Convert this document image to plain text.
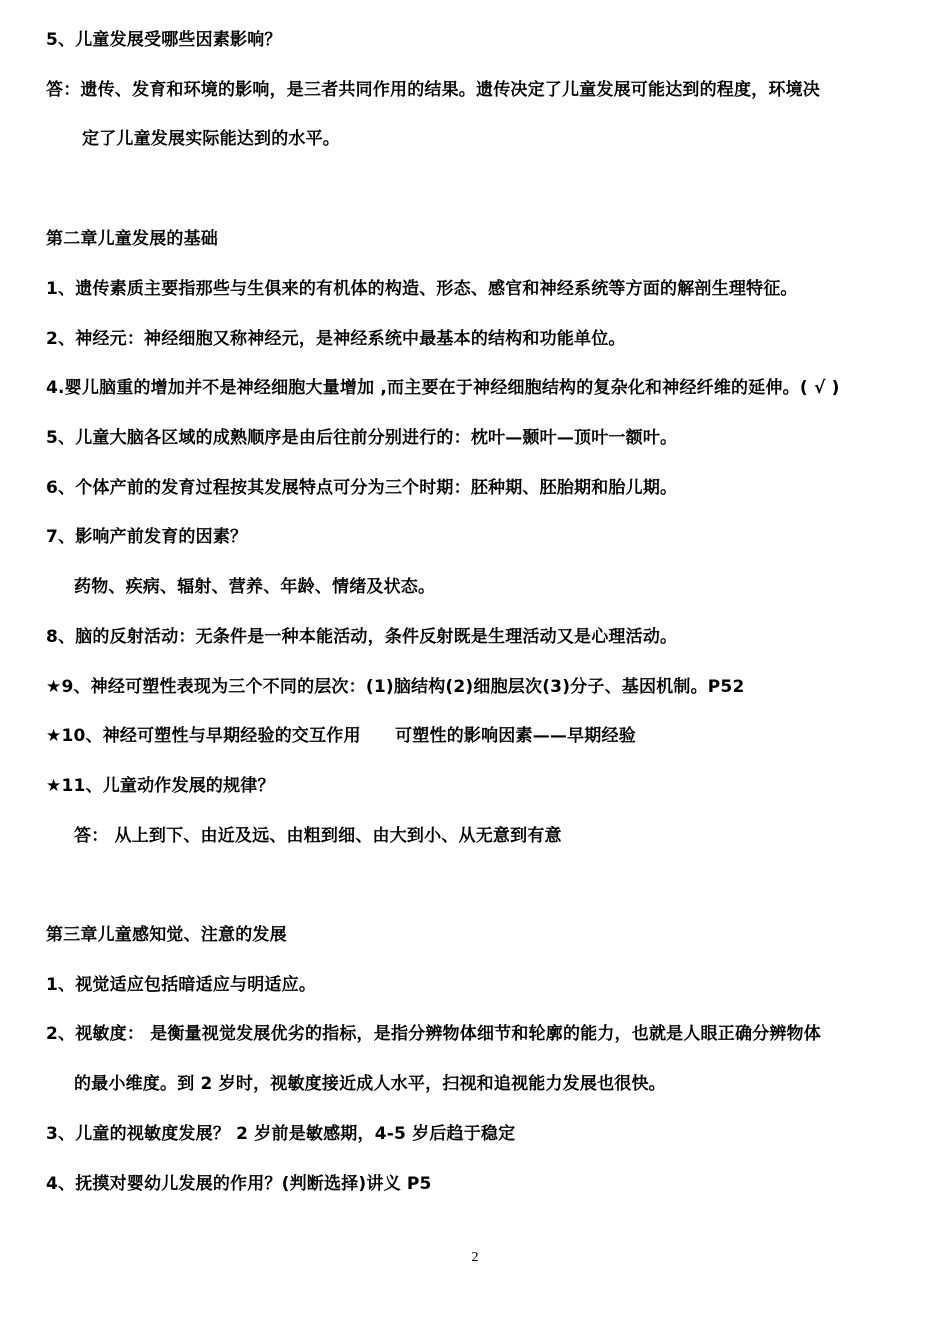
5、儿童发展受哪些因素影响？
答：遗传、发育和环境的影响，是三者共同作用的结果。遗传决定了儿童发展可能达到的程度，环境决
定了儿童发展实际能达到的水平。
第二章儿童发展的基础
1、遗传素质主要指那些与生俱来的有机体的构造、形态、感官和神经系统等方面的解剖生理特征。
2、神经元：神经细胞又称神经元，是神经系统中最基本的结构和功能单位。
4.婴儿脑重的增加并不是神经细胞大量增加 ,而主要在于神经细胞结构的复杂化和神经纤维的延伸。( √ )
5、儿童大脑各区域的成熟顺序是由后往前分别进行的：枕叶—颞叶—顶叶一额叶。
6、个体产前的发育过程按其发展特点可分为三个时期：胚种期、胚胎期和胎儿期。
7、影响产前发育的因素？
药物、疾病、辐射、营养、年龄、情绪及状态。
8、脑的反射活动：无条件是一种本能活动，条件反射既是生理活动又是心理活动。
★9、神经可塑性表现为三个不同的层次：(1)脑结构(2)细胞层次(3)分子、基因机制。P52
★10、神经可塑性与早期经验的交互作用　　可塑性的影响因素——早期经验
★11、儿童动作发展的规律？
答： 从上到下、由近及远、由粗到细、由大到小、从无意到有意
第三章儿童感知觉、注意的发展
1、视觉适应包括暗适应与明适应。
2、视敏度： 是衡量视觉发展优劣的指标，是指分辨物体细节和轮廓的能力，也就是人眼正确分辨物体
的最小维度。到 2 岁时，视敏度接近成人水平，扫视和追视能力发展也很快。
3、儿童的视敏度发展？ 2 岁前是敏感期，4-5 岁后趋于稳定
4、抚摸对婴幼儿发展的作用？(判断选择)讲义 P5
2
